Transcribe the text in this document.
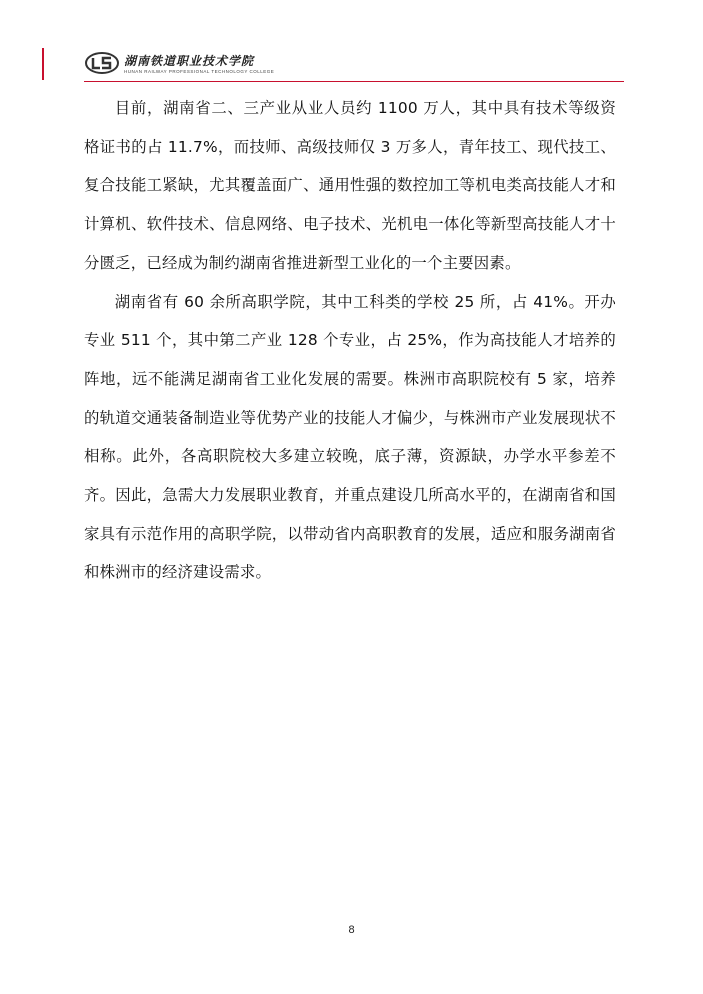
湖南铁道职业技术学院
HUNAN RAILWAY PROFESSIONAL TECHNOLOGY COLLEGE

目前，湖南省二、三产业从业人员约 1100 万人，其中具有技术等级资格证书的占 11.7%，而技师、高级技师仅 3 万多人，青年技工、现代技工、复合技能工紧缺，尤其覆盖面广、通用性强的数控加工等机电类高技能人才和计算机、软件技术、信息网络、电子技术、光机电一体化等新型高技能人才十分匮乏，已经成为制约湖南省推进新型工业化的一个主要因素。

湖南省有 60 余所高职学院，其中工科类的学校 25 所，占 41%。开办专业 511 个，其中第二产业 128 个专业，占 25%，作为高技能人才培养的阵地，远不能满足湖南省工业化发展的需要。株洲市高职院校有 5 家，培养的轨道交通装备制造业等优势产业的技能人才偏少，与株洲市产业发展现状不相称。此外，各高职院校大多建立较晚，底子薄，资源缺，办学水平参差不齐。因此，急需大力发展职业教育，并重点建设几所高水平的，在湖南省和国家具有示范作用的高职学院，以带动省内高职教育的发展，适应和服务湖南省和株洲市的经济建设需求。

8
